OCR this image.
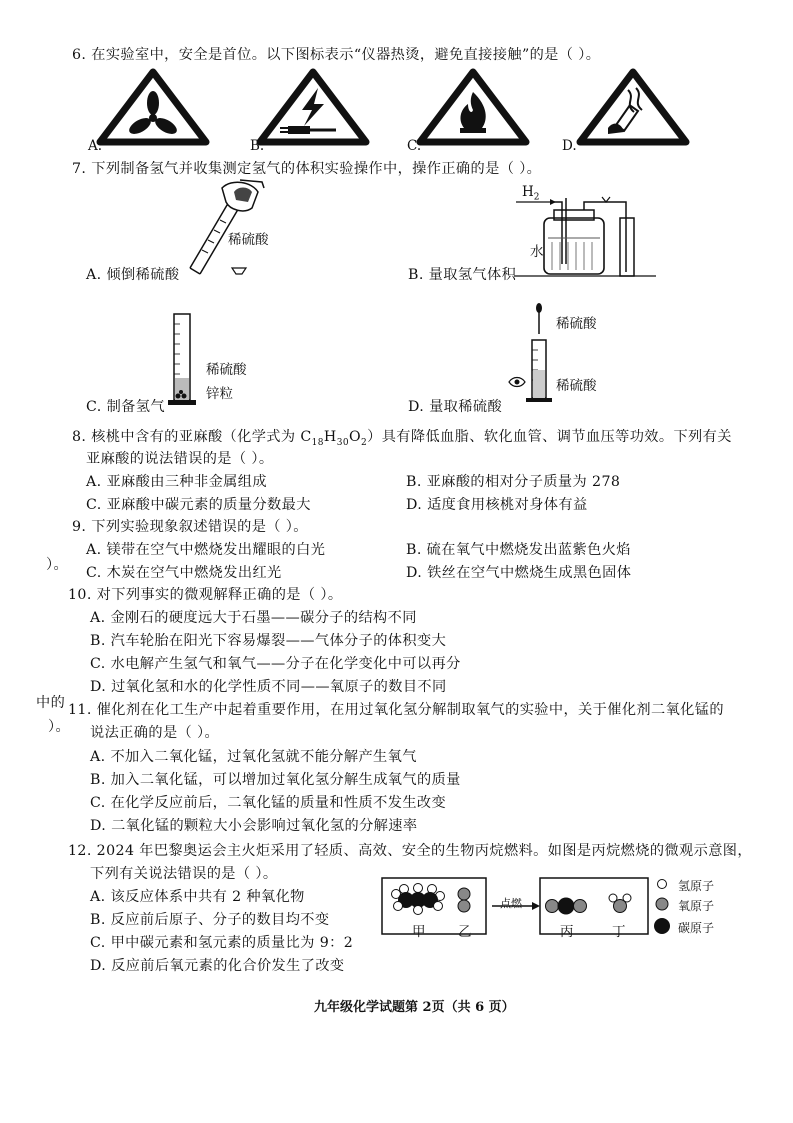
6. 在实验室中，安全是首位。以下图标表示“仪器热烫，避免直接接触”的是（ ）。
A.	B.	C.	D.
7. 下列制备氢气并收集测定氢气的体积实验操作中，操作正确的是（ ）。
稀硫酸
A. 倾倒稀硫酸
$H_2$
水
B. 量取氢气体积
稀硫酸
锌粒
C. 制备氢气
稀硫酸
稀硫酸
D. 量取稀硫酸
8. 核桃中含有的亚麻酸（化学式为 $C_{18}H_{30}O_2$）具有降低血脂、软化血管、调节血压等功效。下列有关
亚麻酸的说法错误的是（ ）。
A. 亚麻酸由三种非金属组成	B. 亚麻酸的相对分子质量为 278
C. 亚麻酸中碳元素的质量分数最大	D. 适度食用核桃对身体有益
9. 下列实验现象叙述错误的是（ ）。
A. 镁带在空气中燃烧发出耀眼的白光	B. 硫在氧气中燃烧发出蓝紫色火焰
）。 C. 木炭在空气中燃烧发出红光	D. 铁丝在空气中燃烧生成黑色固体
10. 对下列事实的微观解释正确的是（ ）。
A. 金刚石的硬度远大于石墨——碳分子的结构不同
B. 汽车轮胎在阳光下容易爆裂——气体分子的体积变大
C. 水电解产生氢气和氧气——分子在化学变化中可以再分
D. 过氧化氢和水的化学性质不同——氧原子的数目不同
中的
）。
11. 催化剂在化工生产中起着重要作用，在用过氧化氢分解制取氧气的实验中，关于催化剂二氧化锰的
说法正确的是（ ）。
A. 不加入二氧化锰，过氧化氢就不能分解产生氧气
B. 加入二氧化锰，可以增加过氧化氢分解生成氧气的质量
C. 在化学反应前后，二氧化锰的质量和性质不发生改变
D. 二氧化锰的颗粒大小会影响过氧化氢的分解速率
12. 2024 年巴黎奥运会主火炬采用了轻质、高效、安全的生物丙烷燃料。如图是丙烷燃烧的微观示意图，
下列有关说法错误的是（ ）。
A. 该反应体系中共有 2 种氧化物
B. 反应前后原子、分子的数目均不变
C. 甲中碳元素和氢元素的质量比为 9：2
D. 反应前后氧元素的化合价发生了改变
甲 乙
点燃
丙	丁
氢原子
氧原子
碳原子
九年级化学试题第 2页（共 6 页）
